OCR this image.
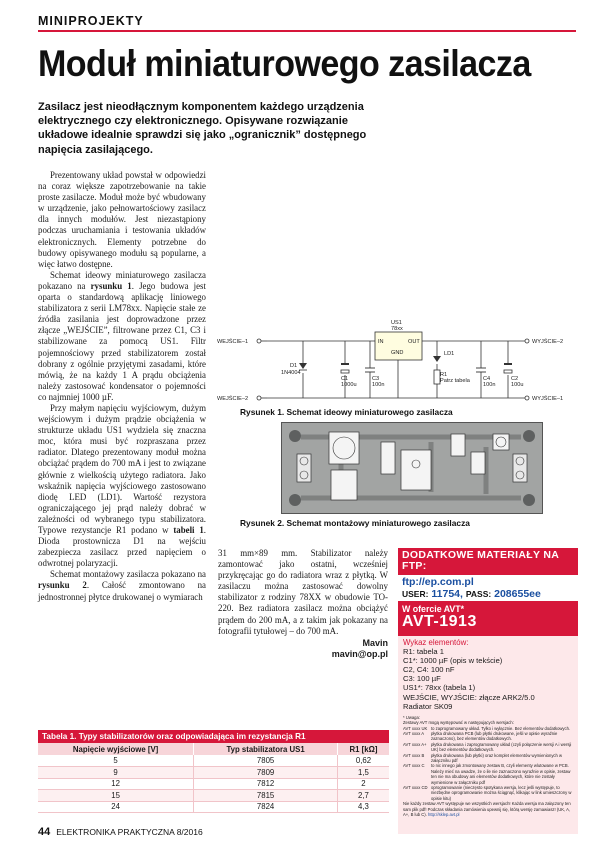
MINIPROJEKTY
Moduł miniaturowego zasilacza
Zasilacz jest nieodłącznym komponentem każdego urządzenia elektrycznego czy elektronicznego. Opisywane rozwiązanie układowe idealnie sprawdzi się jako „ogranicznik” dostępnego napięcia zasilającego.

Prezentowany układ powstał w odpowiedzi na coraz większe zapotrzebowanie na takie proste zasilacze. Moduł może być wbudowany w urządzenie, jako pełnowartościowy zasilacz dla innych modułów. Jest niezastąpiony podczas uruchamiania i testowania układów elektronicznych. Elementy potrzebne do budowy opisywanego modułu są popularne, a więc łatwo dostępne.

Schemat ideowy miniaturowego zasilacza pokazano na rysunku 1. Jego budowa jest oparta o standardową aplikację liniowego stabilizatora z serii LM78xx. Napięcie stałe ze źródła zasilania jest doprowadzone przez złącze „WEJŚCIE”, filtrowane przez C1, C3 i stabilizowane za pomocą US1. Filtr pojemnościowy przed stabilizatorem został dobrany z ogólnie przyjętymi zasadami, które mówią, że na każdy 1 A prądu obciążenia należy zastosować kondensator o pojemności co najmniej 1000 µF.

Przy małym napięciu wyjściowym, dużym wejściowym i dużym prądzie obciążenia w strukturze układu US1 wydziela się znaczna moc, która musi być rozpraszana przez radiator. Dlatego prezentowany moduł można obciążać prądem do 700 mA i jest to związane głównie z wielkością użytego radiatora. Jako wskaźnik napięcia wyjściowego zastosowano diodę LED (LD1). Wartość rezystora ograniczającego jej prąd należy dobrać w zależności od wybranego typu stabilizatora. Typowe rezystancje R1 podano w tabeli 1. Dioda prostownicza D1 na wejściu zabezpiecza zasilacz przed napięciem o odwrotnej polaryzacji.

Schemat montażowy zasilacza pokazano na rysunku 2. Całość zmontowano na jednostronnej płytce drukowanej o wymiarach

WEJŚCIE–1
WEJŚCIE–2
WYJŚCIE–2
WYJŚCIE–1
US1
78xx
IN	OUT
GND
D1
1N4004
C1
1000u
C3
100n
R1
Patrz tabela
LD1
C4
100n
C2
100u
Rysunek 1. Schemat ideowy miniaturowego zasilacza
Rysunek 2. Schemat montażowy miniaturowego zasilacza

31 mm×89 mm. Stabilizator należy zamontować jako ostatni, wcześniej przykręcając go do radiatora wraz z płytką. W zasilaczu można zastosować dowolny stabilizator z rodziny 78XX w obudowie TO-220. Bez radiatora zasilacz można obciążyć prądem do 200 mA, a z takim jak pokazany na fotografii tytułowej – do 700 mA.

Mavin
mavin@op.pl
DODATKOWE MATERIAŁY NA FTP:
ftp://ep.com.pl
USER: 11754, PASS: 208655ee
W ofercie AVT*
AVT-1913
Wykaz elementów:
R1: tabela 1
C1*: 1000 µF (opis w tekście)
C2, C4: 100 nF
C3: 100 µF
US1*: 78xx (tabela 1)
WEJŚCIE, WYJŚCIE: złącze ARK2/5.0
Radiator SK09
* Uwaga:
Zestawy AVT mogą występować w następujących wersjach:
AVT xxxx UK to zaprogramowany układ. Tylko i wyłącznie. Bez elementów dodatkowych.
AVT xxxx A	płytka drukowana PCB (lub płytki drukowane, jeśli w opisie wyraźnie zaznaczono), bez elementów dodatkowych.
AVT xxxx A+	płytka drukowana i zaprogramowany układ (czyli połączenie wersji A i wersji UK) bez elementów dodatkowych.
AVT xxxx B	płytka drukowana (lub płytki) oraz komplet elementów wymienionych w załączniku pdf
AVT xxxx C	to nic innego jak zmontowany zestaw B, czyli elementy wlutowane w PCB. Należy mieć na uwadze, że o ile nie zaznaczono wyraźnie w opisie, zestaw ten nie ma obudowy ani elementów dodatkowych, które nie zostały wymienione w załączniku pdf
AVT xxxx CD oprogramowanie (nieczęsto spotykana wersja, lecz jeśli występuje, to niezbędne oprogramowanie można ściągnąć, klikając w link umieszczony w opisie kitu)
Nie każdy zestaw AVT występuje we wszystkich wersjach! Każda wersja ma załączony ten sam plik pdf! Podczas składania zamówienia upewnij się, którą wersję zamawiasz! (UK, A, A+, B lub C). http://sklep.avt.pl
Tabela 1. Typy stabilizatorów oraz odpowiadająca im rezystancja R1
Napięcie wyjściowe [V]	Typ stabilizatora US1	R1 [kΩ]
5	7805	0,62
9	7809	1,5
12	7812	2
15	7815	2,7
24	7824	4,3
44 ELEKTRONIKA PRAKTYCZNA 8/2016
